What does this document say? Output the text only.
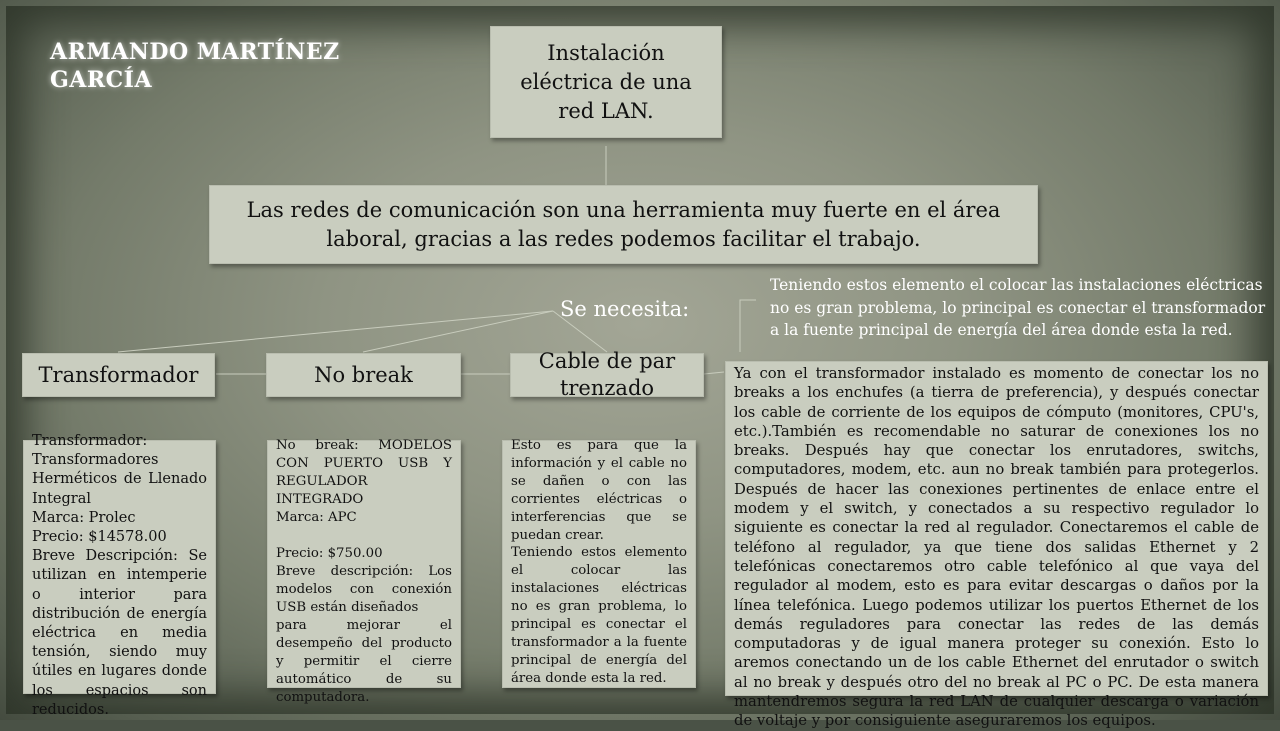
ARMANDO MARTÍNEZ GARCÍA
Instalación eléctrica de una red LAN.
Las redes de comunicación son una herramienta muy fuerte en el área laboral, gracias a las redes podemos facilitar el trabajo.
Se necesita:
Teniendo estos elemento el colocar las instalaciones eléctricas no es gran problema, lo principal es conectar el transformador a la fuente principal de energía del área donde esta la red.
Transformador	No break
Cable de par trenzado

Transformador:

Transformadores Herméticos de Llenado Integral

Marca: Prolec

Precio: $14578.00

Breve Descripción: Se utilizan en intemperie o interior para distribución de energía eléctrica en media tensión, siendo muy útiles en lugares donde los espacios son reducidos.

No break: MODELOS CON PUERTO USB Y REGULADOR INTEGRADO

Marca: APC

Precio: $750.00

Breve descripción: Los modelos con conexión USB están diseñados

para mejorar el desempeño del producto y permitir el cierre automático de su computadora.

Esto es para que la información y el cable no se dañen o con las corrientes eléctricas o interferencias que se puedan crear.

Teniendo estos elemento el colocar las instalaciones eléctricas no es gran problema, lo principal es conectar el transformador a la fuente principal de energía del área donde esta la red.

Ya con el transformador instalado es momento de conectar los no breaks a los enchufes (a tierra de preferencia), y después conectar los cable de corriente de los equipos de cómputo (monitores, CPU's, etc.).También es recomendable no saturar de conexiones los no breaks. Después hay que conectar los enrutadores, switchs, computadores, modem, etc. aun no break también para protegerlos. Después de hacer las conexiones pertinentes de enlace entre el modem y el switch, y conectados a su respectivo regulador lo siguiente es conectar la red al regulador. Conectaremos el cable de teléfono al regulador, ya que tiene dos salidas Ethernet y 2 telefónicas conectaremos otro cable telefónico al que vaya del regulador al modem, esto es para evitar descargas o daños por la línea telefónica. Luego podemos utilizar los puertos Ethernet de los demás reguladores para conectar las redes de las demás computadoras y de igual manera proteger su conexión. Esto lo aremos conectando un de los cable Ethernet del enrutador o switch al no break y después otro del no break al PC o PC. De esta manera mantendremos segura la red LAN de cualquier descarga o variación de voltaje y por consiguiente aseguraremos los equipos.
